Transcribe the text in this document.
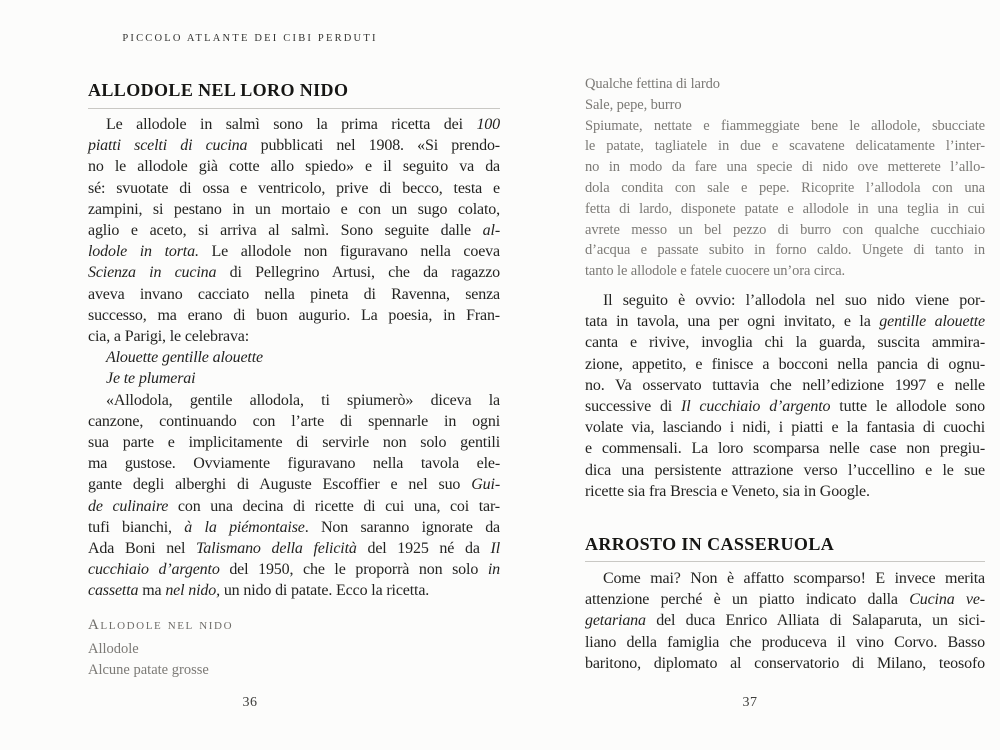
PICCOLO ATLANTE DEI CIBI PERDUTI
ALLODOLE NEL LORO NIDO
Le allodole in salmì sono la prima ricetta dei 100
piatti scelti di cucina pubblicati nel 1908. «Si prendo-
no le allodole già cotte allo spiedo» e il seguito va da
sé: svuotate di ossa e ventricolo, prive di becco, testa e
zampini, si pestano in un mortaio e con un sugo colato,
aglio e aceto, si arriva al salmì. Sono seguite dalle al-
lodole in torta. Le allodole non figuravano nella coeva
Scienza in cucina di Pellegrino Artusi, che da ragazzo
aveva invano cacciato nella pineta di Ravenna, senza
successo, ma erano di buon augurio. La poesia, in Fran-
cia, a Parigi, le celebrava:
Alouette gentille alouette
Je te plumerai
«Allodola, gentile allodola, ti spiumerò» diceva la
canzone, continuando con l’arte di spennarle in ogni
sua parte e implicitamente di servirle non solo gentili
ma gustose. Ovviamente figuravano nella tavola ele-
gante degli alberghi di Auguste Escoffier e nel suo Gui-
de culinaire con una decina di ricette di cui una, coi tar-
tufi bianchi, à la piémontaise. Non saranno ignorate da
Ada Boni nel Talismano della felicità del 1925 né da Il
cucchiaio d’argento del 1950, che le proporrà non solo in
cassetta ma nel nido, un nido di patate. Ecco la ricetta.
Allodole nel nido
Allodole
Alcune patate grosse
36
Qualche fettina di lardo
Sale, pepe, burro
Spiumate, nettate e fiammeggiate bene le allodole, sbucciate
le patate, tagliatele in due e scavatene delicatamente l’inter-
no in modo da fare una specie di nido ove metterete l’allo-
dola condita con sale e pepe. Ricoprite l’allodola con una
fetta di lardo, disponete patate e allodole in una teglia in cui
avrete messo un bel pezzo di burro con qualche cucchiaio
d’acqua e passate subito in forno caldo. Ungete di tanto in
tanto le allodole e fatele cuocere un’ora circa.
Il seguito è ovvio: l’allodola nel suo nido viene por-
tata in tavola, una per ogni invitato, e la gentille alouette
canta e rivive, invoglia chi la guarda, suscita ammira-
zione, appetito, e finisce a bocconi nella pancia di ognu-
no. Va osservato tuttavia che nell’edizione 1997 e nelle
successive di Il cucchiaio d’argento tutte le allodole sono
volate via, lasciando i nidi, i piatti e la fantasia di cuochi
e commensali. La loro scomparsa nelle case non pregiu-
dica una persistente attrazione verso l’uccellino e le sue
ricette sia fra Brescia e Veneto, sia in Google.
ARROSTO IN CASSERUOLA
Come mai? Non è affatto scomparso! E invece merita
attenzione perché è un piatto indicato dalla Cucina ve-
getariana del duca Enrico Alliata di Salaparuta, un sici-
liano della famiglia che produceva il vino Corvo. Basso
baritono, diplomato al conservatorio di Milano, teosofo
37
